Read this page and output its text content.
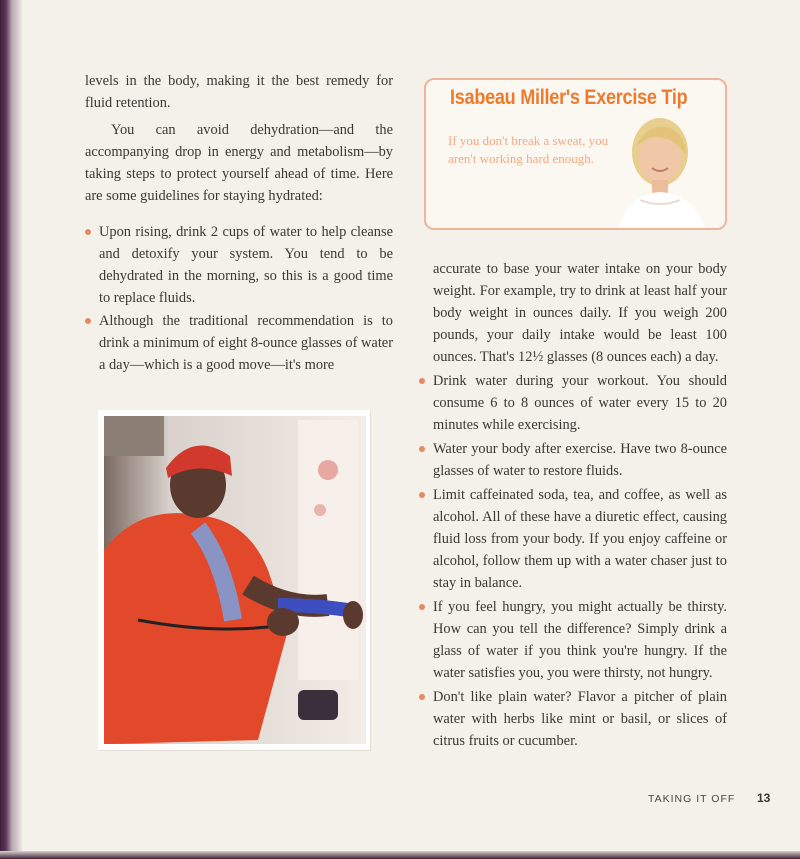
levels in the body, making it the best remedy for fluid retention.

You can avoid dehydration—and the accompanying drop in energy and metabolism—by taking steps to protect yourself ahead of time. Here are some guidelines for staying hydrated:

Upon rising, drink 2 cups of water to help cleanse and detoxify your system. You tend to be dehydrated in the morning, so this is a good time to replace fluids.
Although the traditional recommendation is to drink a minimum of eight 8-ounce glasses of water a day—which is a good move—it's more
Isabeau Miller's Exercise Tip
If you don't break a sweat, you aren't working hard enough.
accurate to base your water intake on your body weight. For example, try to drink at least half your body weight in ounces daily. If you weigh 200 pounds, your daily intake would be least 100 ounces. That's 12½ glasses (8 ounces each) a day.
Drink water during your workout. You should consume 6 to 8 ounces of water every 15 to 20 minutes while exercising.
Water your body after exercise. Have two 8-ounce glasses of water to restore fluids.
Limit caffeinated soda, tea, and coffee, as well as alcohol. All of these have a diuretic effect, causing fluid loss from your body. If you enjoy caffeine or alcohol, follow them up with a water chaser just to stay in balance.
If you feel hungry, you might actually be thirsty. How can you tell the difference? Simply drink a glass of water if you think you're hungry. If the water satisfies you, you were thirsty, not hungry.
Don't like plain water? Flavor a pitcher of plain water with herbs like mint or basil, or slices of citrus fruits or cucumber.
TAKING IT OFF 13
